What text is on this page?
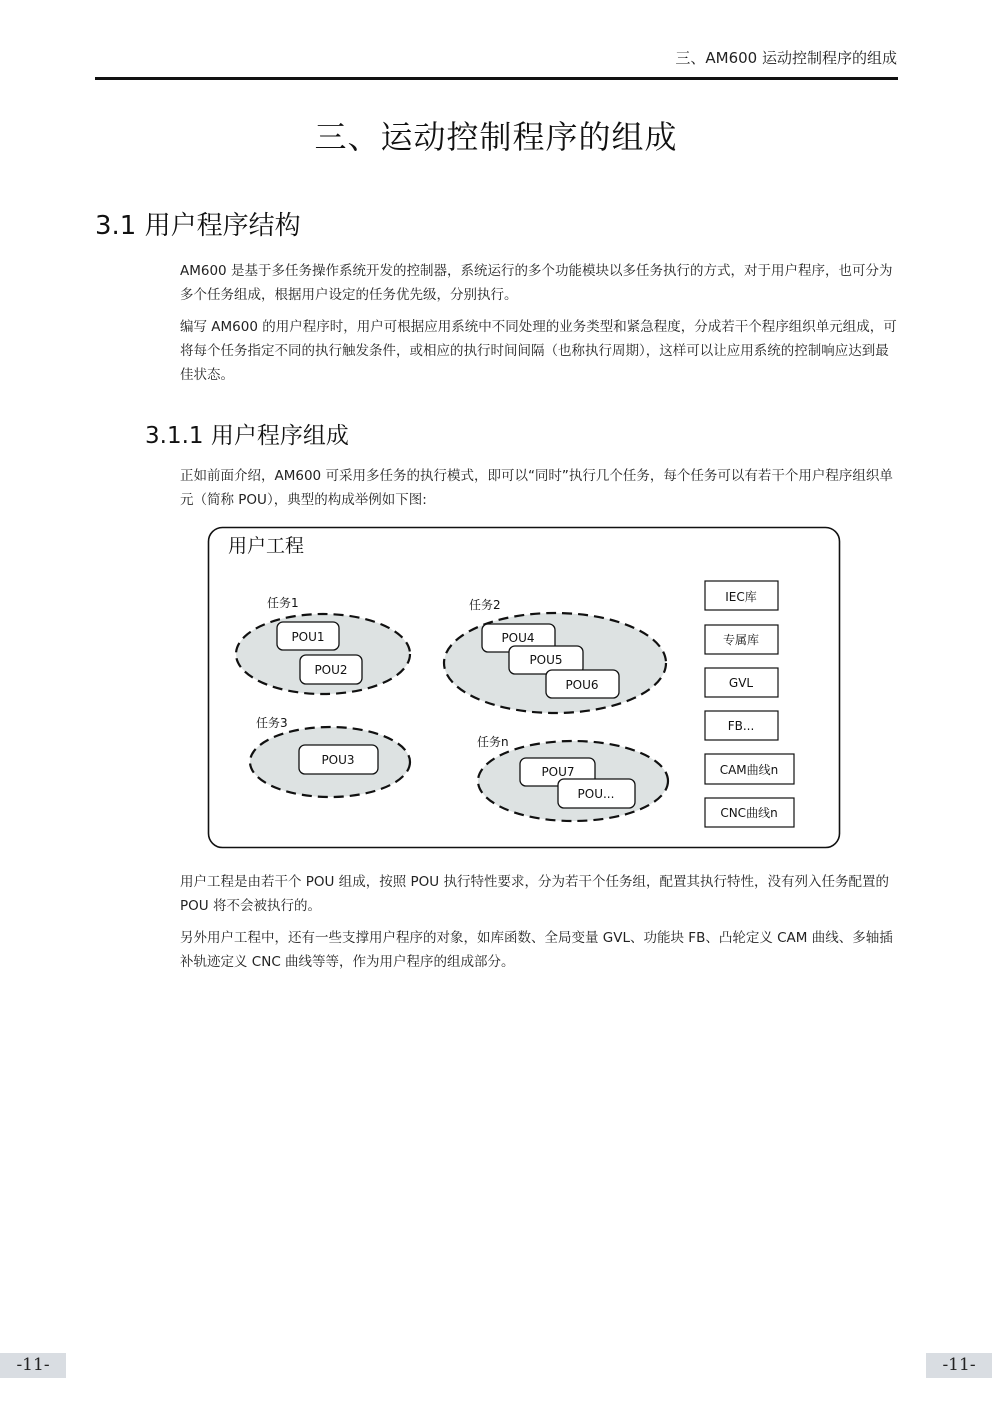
三、AM600 运动控制程序的组成
三、运动控制程序的组成
3.1 用户程序结构
AM600 是基于多任务操作系统开发的控制器，系统运行的多个功能模块以多任务执行的方式，对于用户程序，也可分为多个任务组成，根据用户设定的任务优先级，分别执行。
编写 AM600 的用户程序时，用户可根据应用系统中不同处理的业务类型和紧急程度，分成若干个程序组织单元组成，可将每个任务指定不同的执行触发条件，或相应的执行时间间隔（也称执行周期），这样可以让应用系统的控制响应达到最佳状态。
3.1.1 用户程序组成
正如前面介绍，AM600 可采用多任务的执行模式，即可以“同时”执行几个任务，每个任务可以有若干个用户程序组织单元（简称 POU），典型的构成举例如下图:
用户工程
任务1
POU1
POU2
任务2
POU4
POU5
POU6
任务3
POU3
任务n
POU7
POU...
IEC库
专属库
GVL
FB...
CAM曲线n
CNC曲线n
用户工程是由若干个 POU 组成，按照 POU 执行特性要求，分为若干个任务组，配置其执行特性，没有列入任务配置的 POU 将不会被执行的。
另外用户工程中，还有一些支撑用户程序的对象，如库函数、全局变量 GVL、功能块 FB、凸轮定义 CAM 曲线、多轴插补轨迹定义 CNC 曲线等等，作为用户程序的组成部分。
-11-	-11-
